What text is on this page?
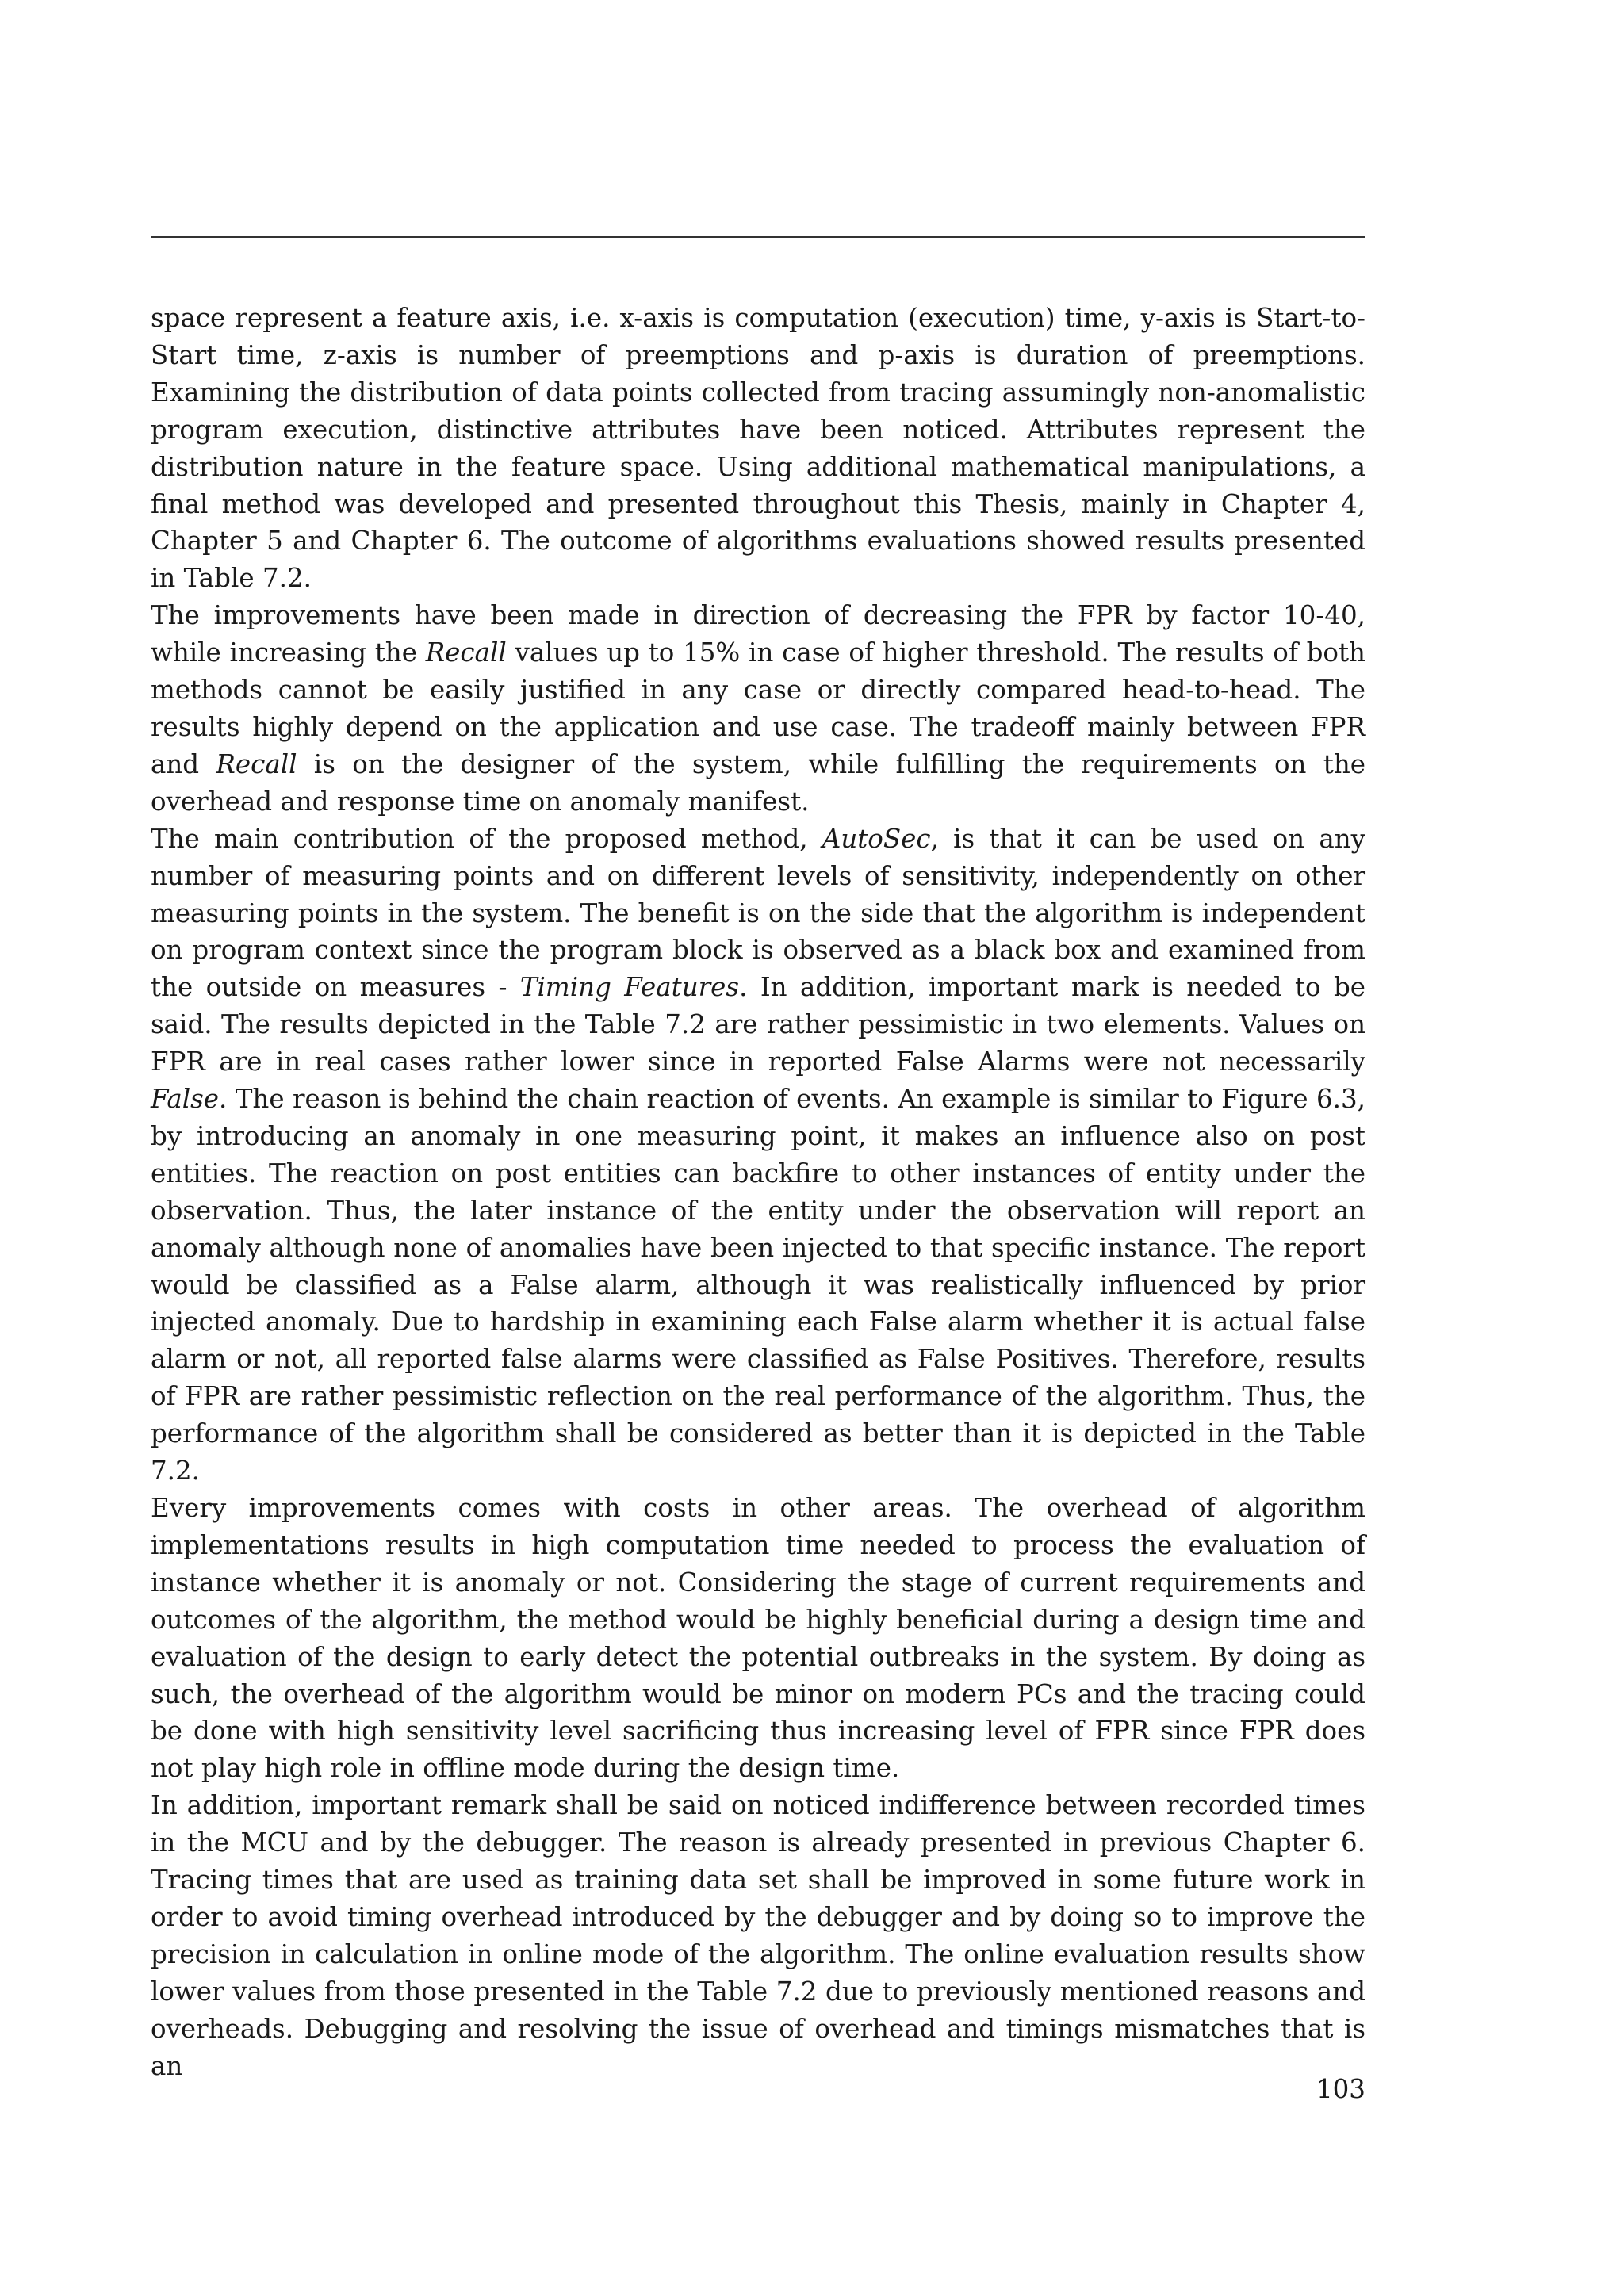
space represent a feature axis, i.e. x-axis is computation (execution) time, y-axis is Start-to-Start time, z-axis is number of preemptions and p-axis is duration of preemptions. Examining the distribution of data points collected from tracing assumingly non-anomalistic program execution, distinctive attributes have been noticed. Attributes represent the distribution nature in the feature space. Using additional mathematical manipulations, a final method was developed and presented throughout this Thesis, mainly in Chapter 4, Chapter 5 and Chapter 6. The outcome of algorithms evaluations showed results presented in Table 7.2.

The improvements have been made in direction of decreasing the FPR by factor 10-40, while increasing the Recall values up to 15% in case of higher threshold. The results of both methods cannot be easily justified in any case or directly compared head-to-head. The results highly depend on the application and use case. The tradeoff mainly between FPR and Recall is on the designer of the system, while fulfilling the requirements on the overhead and response time on anomaly manifest.

The main contribution of the proposed method, AutoSec, is that it can be used on any number of measuring points and on different levels of sensitivity, independently on other measuring points in the system. The benefit is on the side that the algorithm is independent on program context since the program block is observed as a black box and examined from the outside on measures - Timing Features. In addition, important mark is needed to be said. The results depicted in the Table 7.2 are rather pessimistic in two elements. Values on FPR are in real cases rather lower since in reported False Alarms were not necessarily False. The reason is behind the chain reaction of events. An example is similar to Figure 6.3, by introducing an anomaly in one measuring point, it makes an influence also on post entities. The reaction on post entities can backfire to other instances of entity under the observation. Thus, the later instance of the entity under the observation will report an anomaly although none of anomalies have been injected to that specific instance. The report would be classified as a False alarm, although it was realistically influenced by prior injected anomaly. Due to hardship in examining each False alarm whether it is actual false alarm or not, all reported false alarms were classified as False Positives. Therefore, results of FPR are rather pessimistic reflection on the real performance of the algorithm. Thus, the performance of the algorithm shall be considered as better than it is depicted in the Table 7.2.

Every improvements comes with costs in other areas. The overhead of algorithm implementations results in high computation time needed to process the evaluation of instance whether it is anomaly or not. Considering the stage of current requirements and outcomes of the algorithm, the method would be highly beneficial during a design time and evaluation of the design to early detect the potential outbreaks in the system. By doing as such, the overhead of the algorithm would be minor on modern PCs and the tracing could be done with high sensitivity level sacrificing thus increasing level of FPR since FPR does not play high role in offline mode during the design time.

In addition, important remark shall be said on noticed indifference between recorded times in the MCU and by the debugger. The reason is already presented in previous Chapter 6. Tracing times that are used as training data set shall be improved in some future work in order to avoid timing overhead introduced by the debugger and by doing so to improve the precision in calculation in online mode of the algorithm. The online evaluation results show lower values from those presented in the Table 7.2 due to previously mentioned reasons and overheads. Debugging and resolving the issue of overhead and timings mismatches that is an

103
